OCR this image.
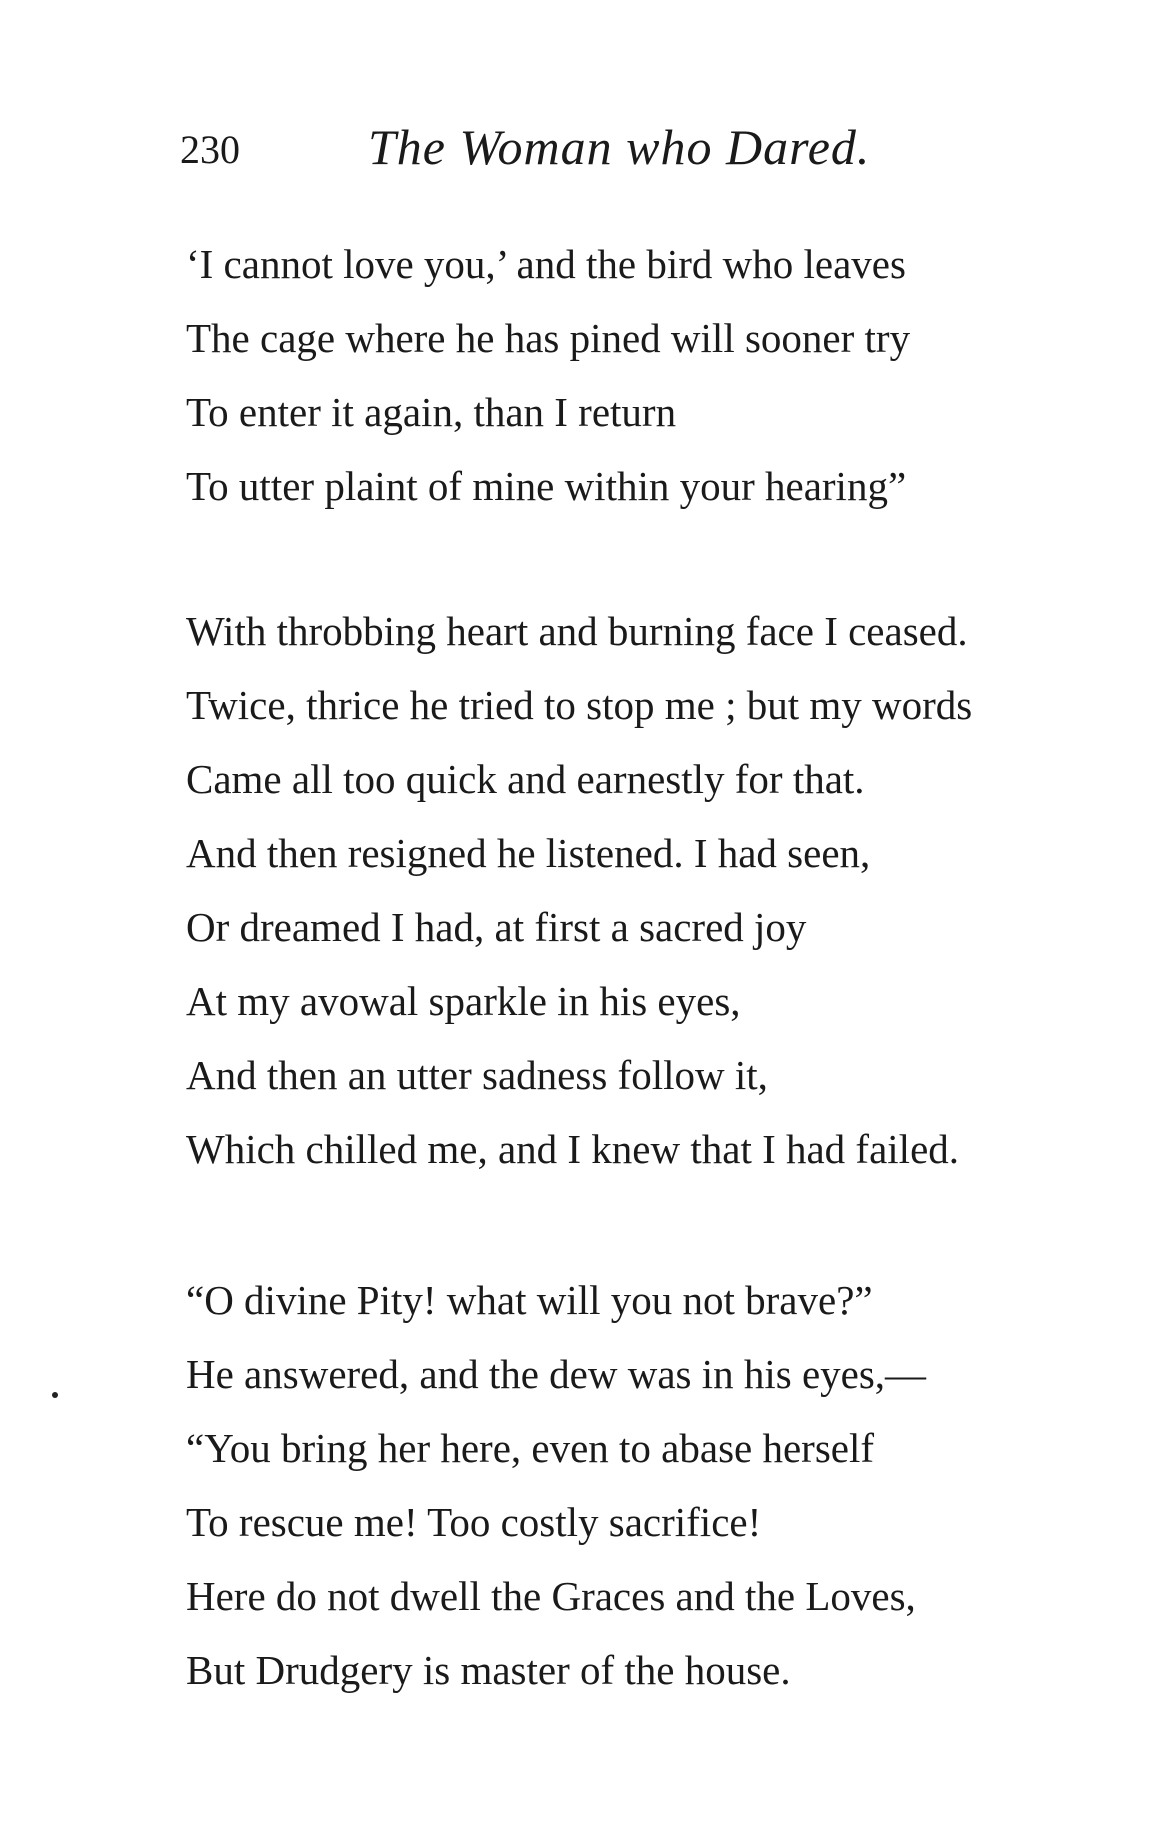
230	The Woman who Dared.
‘I cannot love you,’ and the bird who leaves
The cage where he has pined will sooner try
To enter it again, than I return
To utter plaint of mine within your hearing”
With throbbing heart and burning face I ceased.
Twice, thrice he tried to stop me ; but my words
Came all too quick and earnestly for that.
And then resigned he listened. I had seen,
Or dreamed I had, at first a sacred joy
At my avowal sparkle in his eyes,
And then an utter sadness follow it,
Which chilled me, and I knew that I had failed.
“O divine Pity! what will you not brave?”
He answered, and the dew was in his eyes,—
“You bring her here, even to abase herself
To rescue me! Too costly sacrifice!
Here do not dwell the Graces and the Loves,
But Drudgery is master of the house.
